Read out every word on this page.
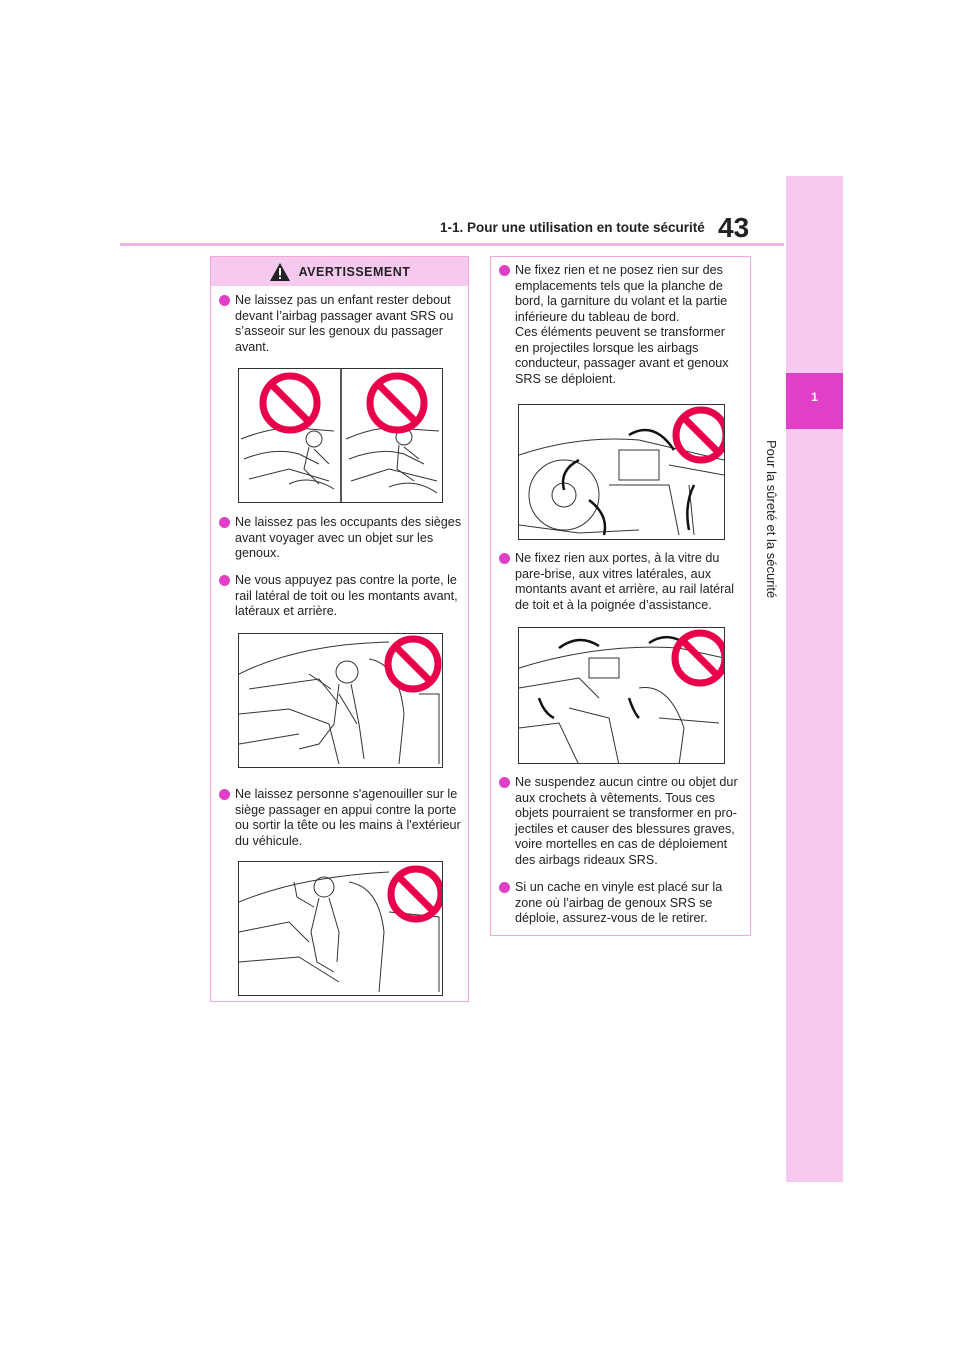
1-1. Pour une utilisation en toute sécurité 43
1
Pour la sûreté et la sécurité
AVERTISSEMENT
Ne laissez pas un enfant rester debout
devant l’airbag passager avant SRS ou
s’asseoir sur les genoux du passager
avant.
Ne laissez pas les occupants des sièges
avant voyager avec un objet sur les
genoux.
Ne vous appuyez pas contre la porte, le
rail latéral de toit ou les montants avant,
latéraux et arrière.
Ne laissez personne s'agenouiller sur le
siège passager en appui contre la porte
ou sortir la tête ou les mains à l'extérieur
du véhicule.
Ne fixez rien et ne posez rien sur des
emplacements tels que la planche de
bord, la garniture du volant et la partie
inférieure du tableau de bord.
Ces éléments peuvent se transformer
en projectiles lorsque les airbags
conducteur, passager avant et genoux
SRS se déploient.
Ne fixez rien aux portes, à la vitre du
pare-brise, aux vitres latérales, aux
montants avant et arrière, au rail latéral
de toit et à la poignée d’assistance.
Ne suspendez aucun cintre ou objet dur
aux crochets à vêtements. Tous ces
objets pourraient se transformer en pro-
jectiles et causer des blessures graves,
voire mortelles en cas de déploiement
des airbags rideaux SRS.
Si un cache en vinyle est placé sur la
zone où l’airbag de genoux SRS se
déploie, assurez-vous de le retirer.
